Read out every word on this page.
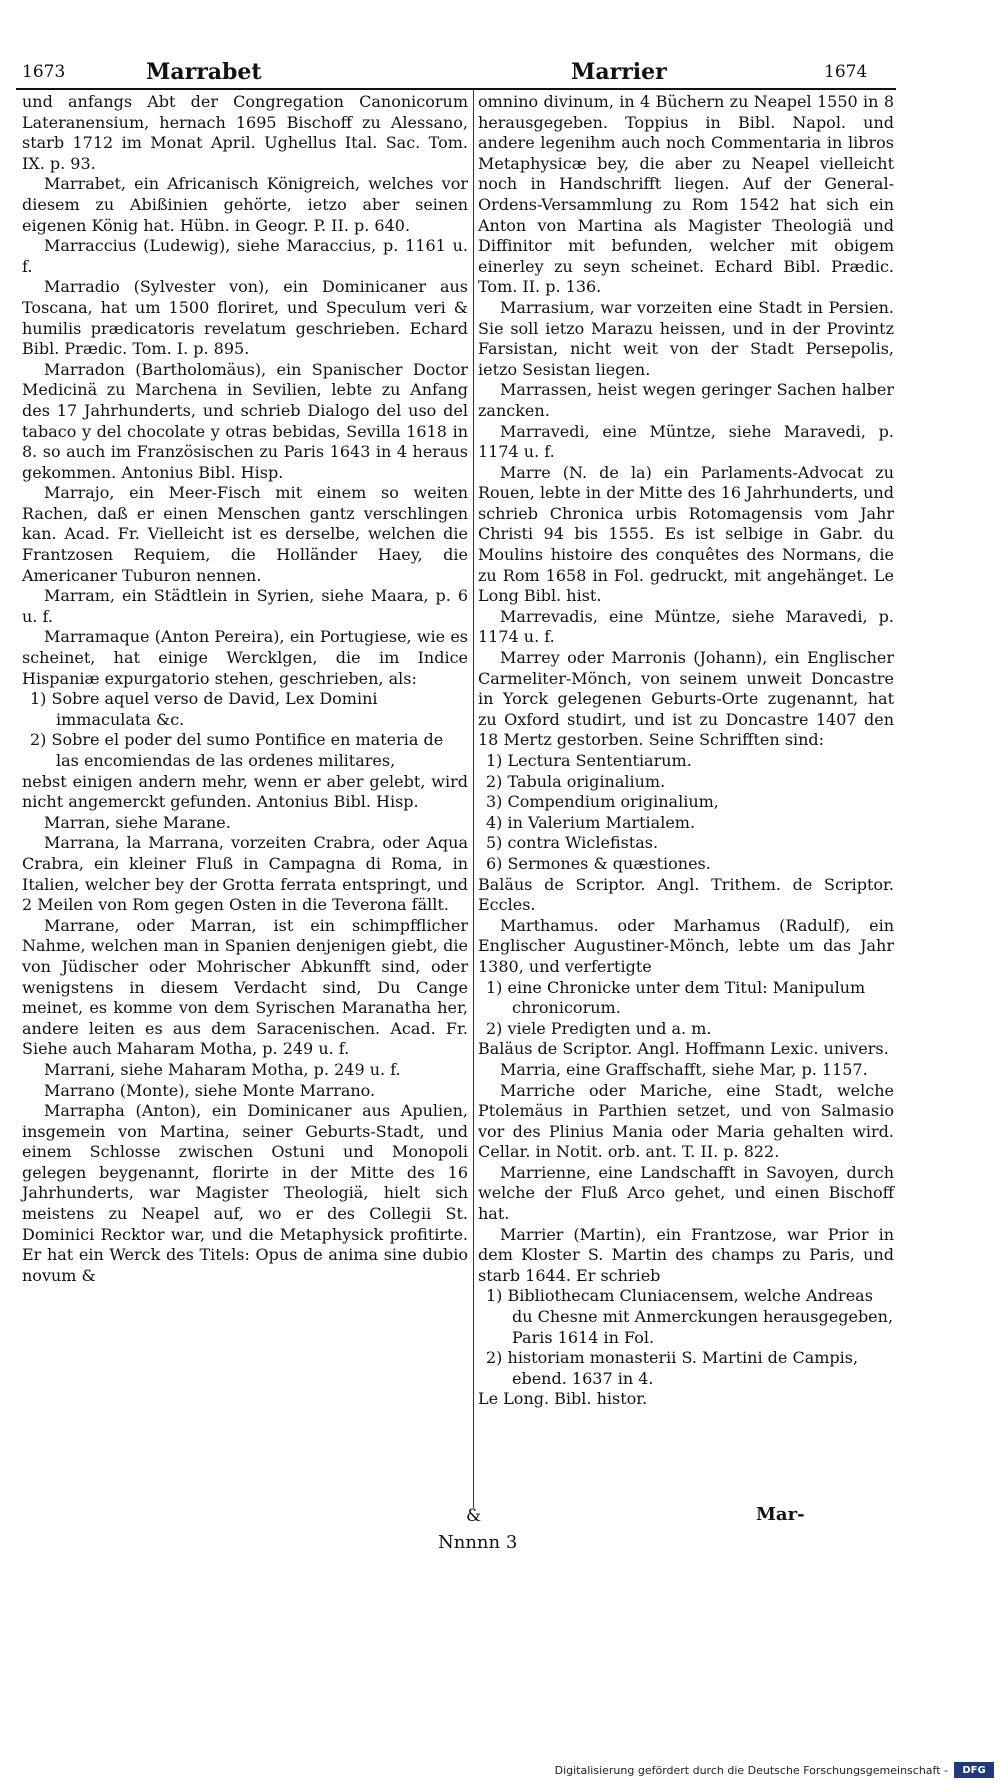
1673	Marrabet	Marrier	1674

und anfangs Abt der Congregation Canonicorum Lateranensium, hernach 1695 Bischoff zu Alessano, starb 1712 im Monat April. Ughellus Ital. Sac. Tom. IX. p. 93.

Marrabet, ein Africanisch Königreich, welches vor diesem zu Abißinien gehörte, ietzo aber seinen eigenen König hat. Hübn. in Geogr. P. II. p. 640.

Marraccius (Ludewig), siehe Maraccius, p. 1161 u. f.

Marradio (Sylvester von), ein Dominicaner aus Toscana, hat um 1500 floriret, und Speculum veri & humilis prædicatoris revelatum geschrieben. Echard Bibl. Prædic. Tom. I. p. 895.

Marradon (Bartholomäus), ein Spanischer Doctor Medicinä zu Marchena in Sevilien, lebte zu Anfang des 17 Jahrhunderts, und schrieb Dialogo del uso del tabaco y del chocolate y otras bebidas, Sevilla 1618 in 8. so auch im Französischen zu Paris 1643 in 4 heraus gekommen. Antonius Bibl. Hisp.

Marrajo, ein Meer-Fisch mit einem so weiten Rachen, daß er einen Menschen gantz verschlingen kan. Acad. Fr. Vielleicht ist es derselbe, welchen die Frantzosen Requiem, die Holländer Haey, die Americaner Tuburon nennen.

Marram, ein Städtlein in Syrien, siehe Maara, p. 6 u. f.

Marramaque (Anton Pereira), ein Portugiese, wie es scheinet, hat einige Wercklgen, die im Indice Hispaniæ expurgatorio stehen, geschrieben, als:

1) Sobre aquel verso de David, Lex Domini immaculata &c.

2) Sobre el poder del sumo Pontifice en materia de las encomiendas de las ordenes militares,

nebst einigen andern mehr, wenn er aber gelebt, wird nicht angemerckt gefunden. Antonius Bibl. Hisp.

Marran, siehe Marane.

Marrana, la Marrana, vorzeiten Crabra, oder Aqua Crabra, ein kleiner Fluß in Campagna di Roma, in Italien, welcher bey der Grotta ferrata entspringt, und 2 Meilen von Rom gegen Osten in die Teverona fällt.

Marrane, oder Marran, ist ein schimpfflicher Nahme, welchen man in Spanien denjenigen giebt, die von Jüdischer oder Mohrischer Abkunfft sind, oder wenigstens in diesem Verdacht sind, Du Cange meinet, es komme von dem Syrischen Maranatha her, andere leiten es aus dem Saracenischen. Acad. Fr. Siehe auch Maharam Motha, p. 249 u. f.

Marrani, siehe Maharam Motha, p. 249 u. f.

Marrano (Monte), siehe Monte Marrano.

Marrapha (Anton), ein Dominicaner aus Apulien, insgemein von Martina, seiner Geburts-Stadt, und einem Schlosse zwischen Ostuni und Monopoli gelegen beygenannt, florirte in der Mitte des 16 Jahrhunderts, war Magister Theologiä, hielt sich meistens zu Neapel auf, wo er des Collegii St. Dominici Recktor war, und die Metaphysick profitirte. Er hat ein Werck des Titels: Opus de anima sine dubio novum &

omnino divinum, in 4 Büchern zu Neapel 1550 in 8 herausgegeben. Toppius in Bibl. Napol. und andere legenihm auch noch Commentaria in libros Metaphysicæ bey, die aber zu Neapel vielleicht noch in Handschrifft liegen. Auf der General-Ordens-Versammlung zu Rom 1542 hat sich ein Anton von Martina als Magister Theologiä und Diffinitor mit befunden, welcher mit obigem einerley zu seyn scheinet. Echard Bibl. Prædic. Tom. II. p. 136.

Marrasium, war vorzeiten eine Stadt in Persien. Sie soll ietzo Marazu heissen, und in der Provintz Farsistan, nicht weit von der Stadt Persepolis, ietzo Sesistan liegen.

Marrassen, heist wegen geringer Sachen halber zancken.

Marravedi, eine Müntze, siehe Maravedi, p. 1174 u. f.

Marre (N. de la) ein Parlaments-Advocat zu Rouen, lebte in der Mitte des 16 Jahrhunderts, und schrieb Chronica urbis Rotomagensis vom Jahr Christi 94 bis 1555. Es ist selbige in Gabr. du Moulins histoire des conquêtes des Normans, die zu Rom 1658 in Fol. gedruckt, mit angehänget. Le Long Bibl. hist.

Marrevadis, eine Müntze, siehe Maravedi, p. 1174 u. f.

Marrey oder Marronis (Johann), ein Englischer Carmeliter-Mönch, von seinem unweit Doncastre in Yorck gelegenen Geburts-Orte zugenannt, hat zu Oxford studirt, und ist zu Doncastre 1407 den 18 Mertz gestorben. Seine Schrifften sind:

1) Lectura Sententiarum.

2) Tabula originalium.

3) Compendium originalium,

4) in Valerium Martialem.

5) contra Wiclefistas.

6) Sermones & quæstiones.

Baläus de Scriptor. Angl. Trithem. de Scriptor. Eccles.

Marthamus. oder Marhamus (Radulf), ein Englischer Augustiner-Mönch, lebte um das Jahr 1380, und verfertigte

1) eine Chronicke unter dem Titul: Manipulum chronicorum.

2) viele Predigten und a. m.

Baläus de Scriptor. Angl. Hoffmann Lexic. univers.

Marria, eine Graffschafft, siehe Mar, p. 1157.

Marriche oder Mariche, eine Stadt, welche Ptolemäus in Parthien setzet, und von Salmasio vor des Plinius Mania oder Maria gehalten wird. Cellar. in Notit. orb. ant. T. II. p. 822.

Marrienne, eine Landschafft in Savoyen, durch welche der Fluß Arco gehet, und einen Bischoff hat.

Marrier (Martin), ein Frantzose, war Prior in dem Kloster S. Martin des champs zu Paris, und starb 1644. Er schrieb

1) Bibliothecam Cluniacensem, welche Andreas du Chesne mit Anmerckungen herausgegeben, Paris 1614 in Fol.

2) historiam monasterii S. Martini de Campis, ebend. 1637 in 4.

Le Long. Bibl. histor.

&	Mar-
Nnnnn 3
Digitalisierung gefördert durch die Deutsche Forschungsgemeinschaft -	DFG
